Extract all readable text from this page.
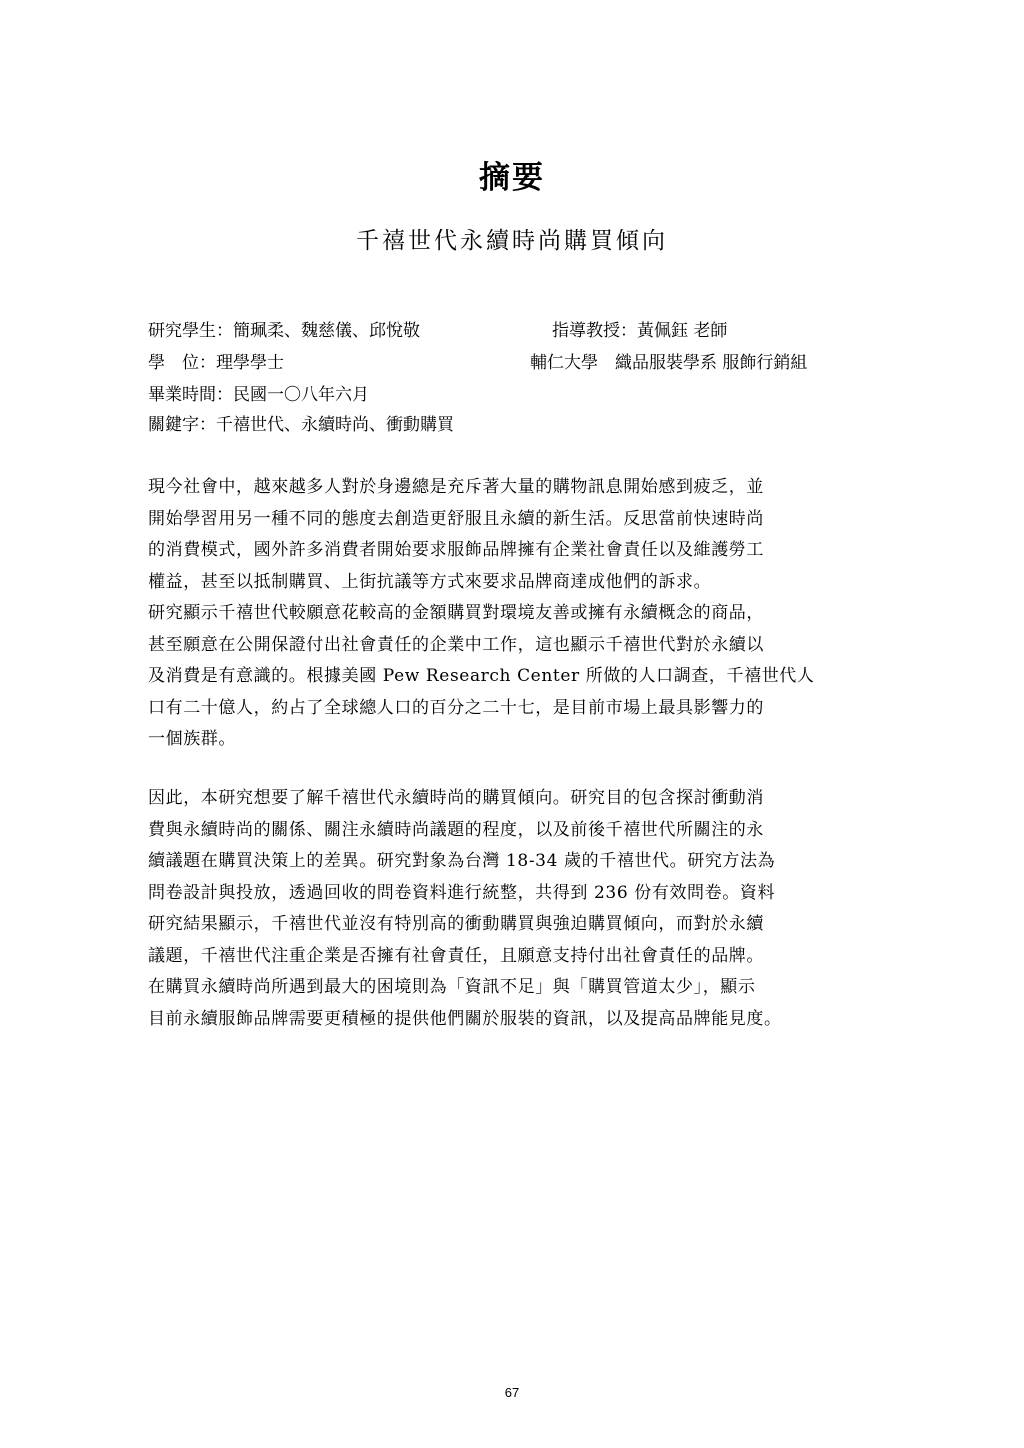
摘要
千禧世代永續時尚購買傾向
研究學生：簡珮柔、魏慈儀、邱悅敬	指導教授：黃佩鈺 老師
學　位：理學學士	輔仁大學　織品服裝學系 服飾行銷組
畢業時間：民國一〇八年六月
關鍵字：千禧世代、永續時尚、衝動購買
現今社會中，越來越多人對於身邊總是充斥著大量的購物訊息開始感到疲乏，並
開始學習用另一種不同的態度去創造更舒服且永續的新生活。反思當前快速時尚
的消費模式，國外許多消費者開始要求服飾品牌擁有企業社會責任以及維護勞工
權益，甚至以抵制購買、上街抗議等方式來要求品牌商達成他們的訴求。
研究顯示千禧世代較願意花較高的金額購買對環境友善或擁有永續概念的商品，
甚至願意在公開保證付出社會責任的企業中工作，這也顯示千禧世代對於永續以
及消費是有意識的。根據美國 Pew Research Center 所做的人口調查，千禧世代人
口有二十億人，約占了全球總人口的百分之二十七，是目前市場上最具影響力的
一個族群。
因此，本研究想要了解千禧世代永續時尚的購買傾向。研究目的包含探討衝動消
費與永續時尚的關係、關注永續時尚議題的程度，以及前後千禧世代所關注的永
續議題在購買決策上的差異。研究對象為台灣 18-34 歲的千禧世代。研究方法為
問卷設計與投放，透過回收的問卷資料進行統整，共得到 236 份有效問卷。資料
研究結果顯示，千禧世代並沒有特別高的衝動購買與強迫購買傾向，而對於永續
議題，千禧世代注重企業是否擁有社會責任，且願意支持付出社會責任的品牌。
在購買永續時尚所遇到最大的困境則為「資訊不足」與「購買管道太少」，顯示
目前永續服飾品牌需要更積極的提供他們關於服裝的資訊，以及提高品牌能見度。
67
